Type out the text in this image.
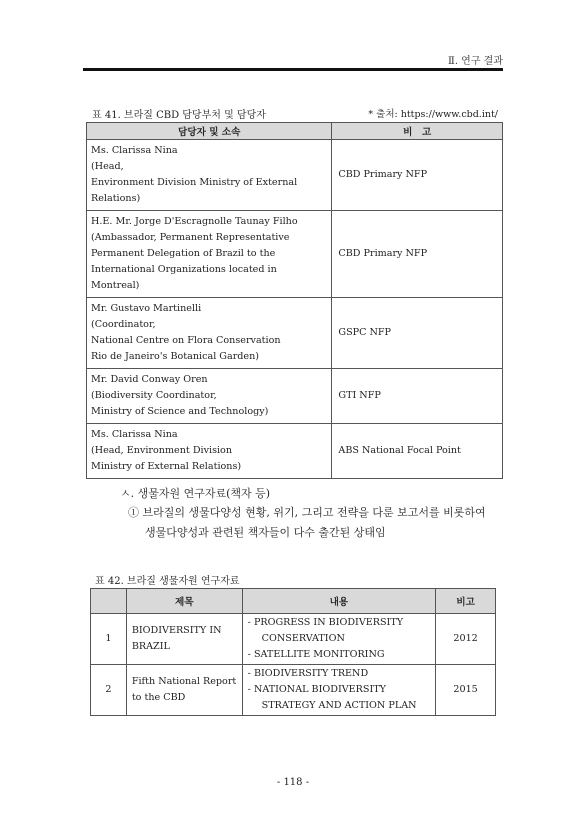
Ⅱ. 연구 결과
표 41. 브라질 CBD 담당부처 및 담당자	* 출처: https://www.cbd.int/
담당자 및 소속	비　고

Ms. Clarissa Nina
(Head,
Environment Division Ministry of External
Relations)	CBD Primary NFP

H.E. Mr. Jorge D'Escragnolle Taunay Filho
(Ambassador, Permanent Representative
Permanent Delegation of Brazil to the
International Organizations located in
Montreal)	CBD Primary NFP

Mr. Gustavo Martinelli
(Coordinator,
National Centre on Flora Conservation
Rio de Janeiro's Botanical Garden)	GSPC NFP

Mr. David Conway Oren
(Biodiversity Coordinator,
Ministry of Science and Technology)	GTI NFP

Ms. Clarissa Nina
(Head, Environment Division
Ministry of External Relations)	ABS National Focal Point
ㅅ. 생물자원 연구자료(책자 등)
① 브라질의 생물다양성 현황, 위기, 그리고 전략을 다룬 보고서를 비롯하여
생물다양성과 관련된 책자들이 다수 출간된 상태임
표 42. 브라질 생물자원 연구자료
	제목	내용	비고
1	BIODIVERSITY IN
BRAZIL	- PROGRESS IN BIODIVERSITY
CONSERVATION
- SATELLITE MONITORING	2012
2	Fifth National Report
to the CBD	- BIODIVERSITY TREND
- NATIONAL BIODIVERSITY
STRATEGY AND ACTION PLAN	2015
- 118 -
